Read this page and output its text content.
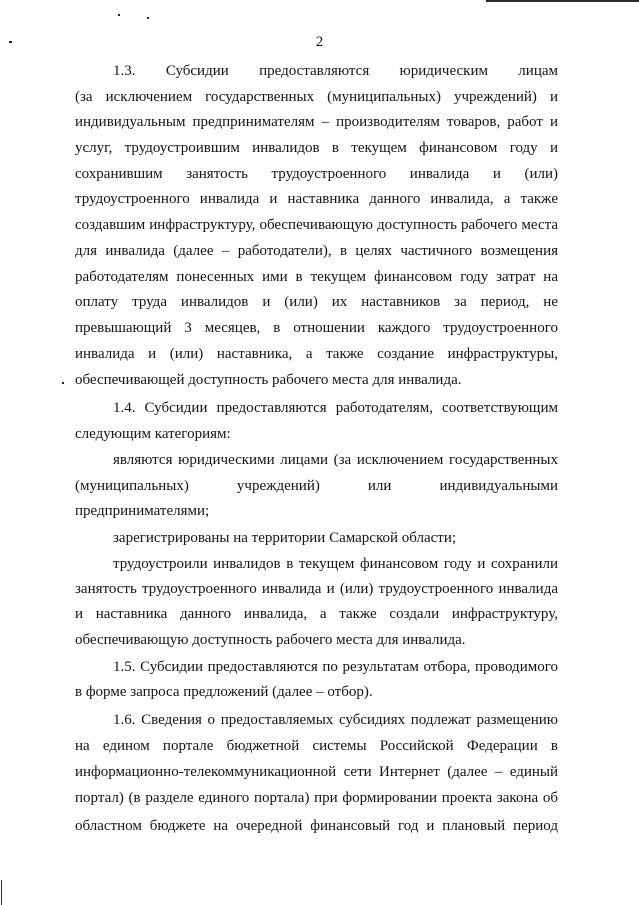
2
1.3. Субсидии предоставляются юридическим лицам
(за исключением государственных (муниципальных) учреждений) и
индивидуальным предпринимателям – производителям товаров, работ и
услуг, трудоустроившим инвалидов в текущем финансовом году и
сохранившим занятость трудоустроенного инвалида и (или)
трудоустроенного инвалида и наставника данного инвалида, а также
создавшим инфраструктуру, обеспечивающую доступность рабочего места
для инвалида (далее – работодатели), в целях частичного возмещения
работодателям понесенных ими в текущем финансовом году затрат на
оплату труда инвалидов и (или) их наставников за период, не
превышающий 3 месяцев, в отношении каждого трудоустроенного
инвалида и (или) наставника, а также создание инфраструктуры,
обеспечивающей доступность рабочего места для инвалида.
1.4. Субсидии предоставляются работодателям, соответствующим
следующим категориям:
являются юридическими лицами (за исключением государственных
(муниципальных) учреждений) или индивидуальными
предпринимателями;
зарегистрированы на территории Самарской области;
трудоустроили инвалидов в текущем финансовом году и сохранили
занятость трудоустроенного инвалида и (или) трудоустроенного инвалида
и наставника данного инвалида, а также создали инфраструктуру,
обеспечивающую доступность рабочего места для инвалида.
1.5. Субсидии предоставляются по результатам отбора, проводимого
в форме запроса предложений (далее – отбор).
1.6. Сведения о предоставляемых субсидиях подлежат размещению
на едином портале бюджетной системы Российской Федерации в
информационно-телекоммуникационной сети Интернет (далее – единый
портал) (в разделе единого портала) при формировании проекта закона об
областном бюджете на очередной финансовый год и плановый период
